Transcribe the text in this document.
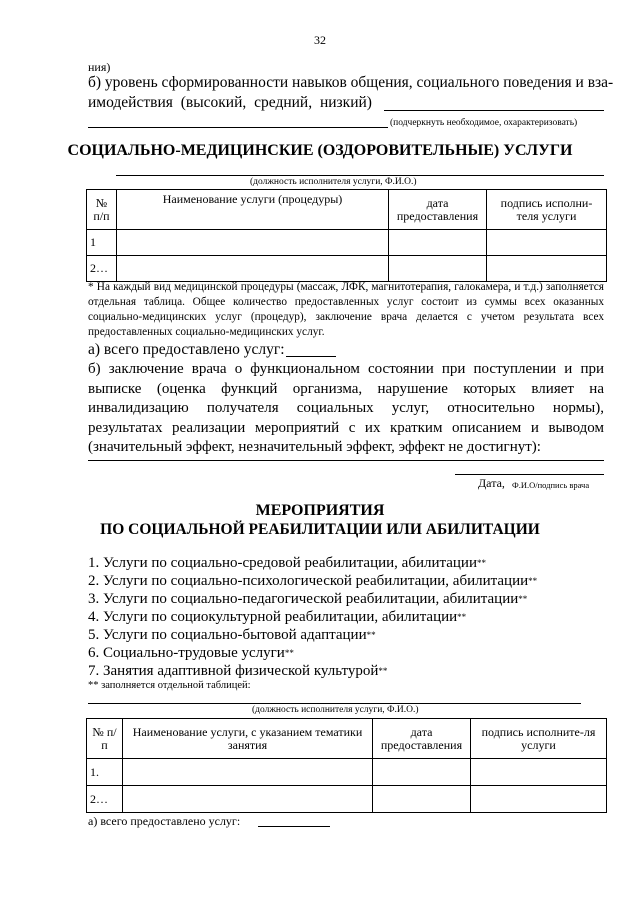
32
ния)
б) уровень сформированности навыков общения, социального поведения и вза-
имодействия (высокий, средний, низкий)
(подчеркнуть необходимое, охарактеризовать)
СОЦИАЛЬНО-МЕДИЦИНСКИЕ (ОЗДОРОВИТЕЛЬНЫЕ) УСЛУГИ
(должность исполнителя услуги, Ф.И.О.)
№ п/п	Наименование услуги (процедуры)	дата предоставления	подпись исполни-теля услуги
1			
2…			
* На каждый вид медицинской процедуры (массаж, ЛФК, магнитотерапия, галокамера, и т.д.) заполняется отдельная таблица. Общее количество предоставленных услуг состоит из суммы всех оказанных социально-медицинских услуг (процедур), заключение врача делается с учетом результата всех предоставленных социально-медицинских услуг.
а) всего предоставлено услуг:
б) заключение врача о функциональном состоянии при поступлении и при выписке (оценка функций организма, нарушение которых влияет на инвалидизацию получателя социальных услуг, относительно нормы), результатах реализации мероприятий с их кратким описанием и выводом (значительный эффект, незначительный эффект, эффект не достигнут):
Дата, Ф.И.О/подпись врача
МЕРОПРИЯТИЯ
ПО СОЦИАЛЬНОЙ РЕАБИЛИТАЦИИ ИЛИ АБИЛИТАЦИИ
1. Услуги по социально-средовой реабилитации, абилитации**
2. Услуги по социально-психологической реабилитации, абилитации**
3. Услуги по социально-педагогической реабилитации, абилитации**
4. Услуги по социокультурной реабилитации, абилитации**
5. Услуги по социально-бытовой адаптации**
6. Социально-трудовые услуги**
7. Занятия адаптивной физической культурой**
** заполняется отдельной таблицей:
(должность исполнителя услуги, Ф.И.О.)
№ п/п	Наименование услуги, с указанием тематики занятия	дата предоставления	подпись исполните-ля услуги
1.			
2…			
а) всего предоставлено услуг:
